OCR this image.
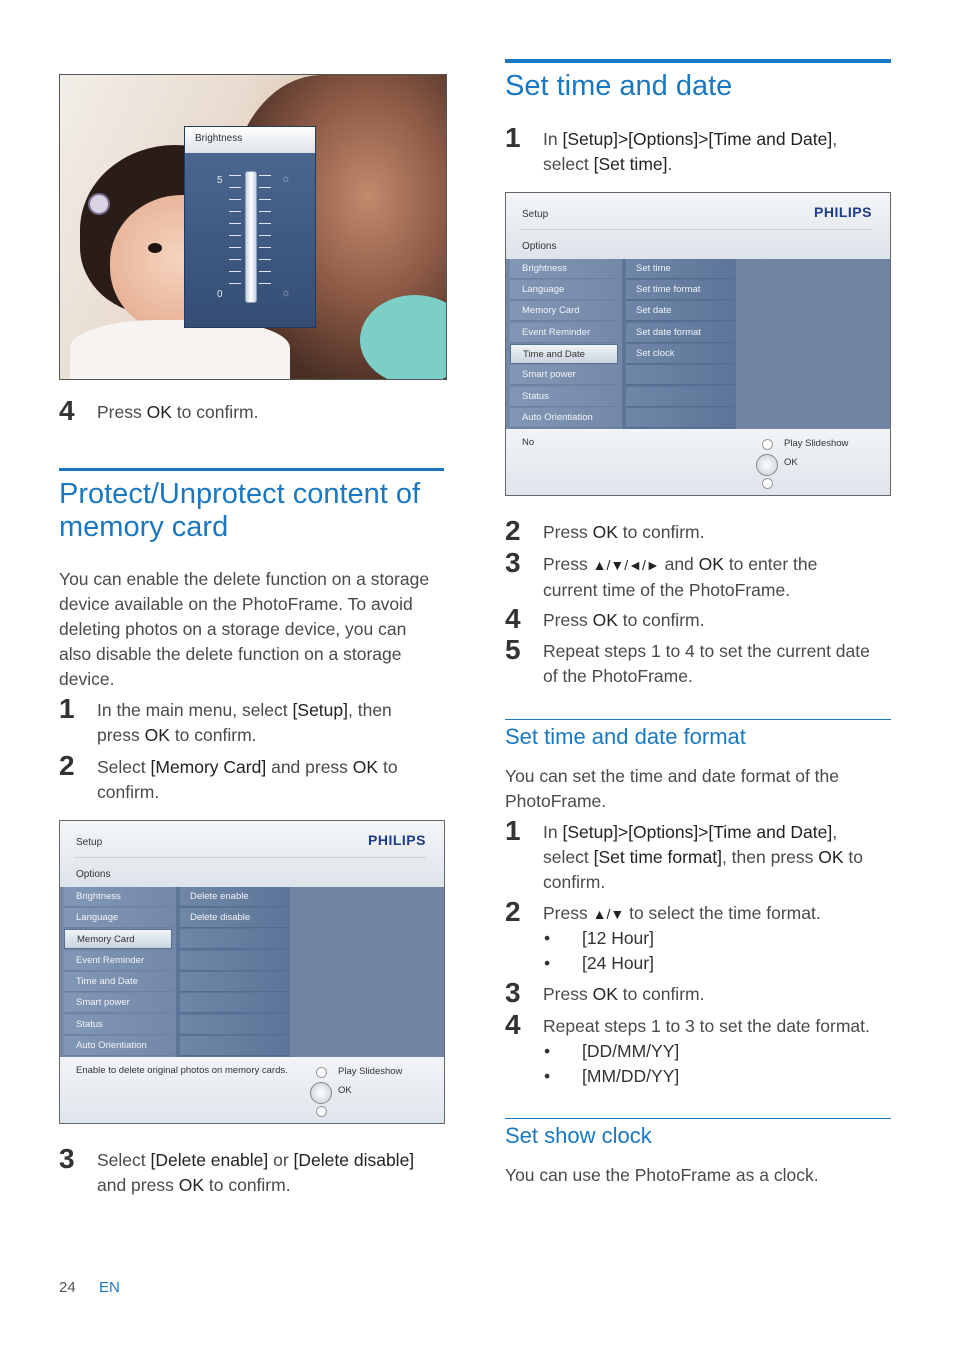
Brightness
5
0
☼
☼
4 Press OK to confirm.
Protect/Unprotect content of
memory card
You can enable the delete function on a storage
device available on the PhotoFrame. To avoid
deleting photos on a storage device, you can
also disable the delete function on a storage
device.
1 In the main menu, select [Setup], then
press OK to confirm.
2 Select [Memory Card] and press OK to
confirm.
Setup	PHILIPS
Options
Brightness
Language
Memory Card
Event Reminder
Time and Date
Smart power
Status
Auto Orientiation
Delete enable
Delete disable
Enable to delete original photos on memory cards.	Play Slideshow
OK
3 Select [Delete enable] or [Delete disable]
and press OK to confirm.
Set time and date
1 In [Setup]>[Options]>[Time and Date],
select [Set time].
Setup	PHILIPS
Options
Brightness
Language
Memory Card
Event Reminder
Time and Date
Smart power
Status
Auto Orientiation
Set time
Set time format
Set date
Set date format
Set clock
No	Play Slideshow
OK
2 Press OK to confirm.
3 Press ▲/▼/◄/► and OK to enter the
current time of the PhotoFrame.
4 Press OK to confirm.
5 Repeat steps 1 to 4 to set the current date
of the PhotoFrame.
Set time and date format
You can set the time and date format of the
PhotoFrame.
1 In [Setup]>[Options]>[Time and Date],
select [Set time format], then press OK to
confirm.
2 Press ▲/▼ to select the time format.
• [12 Hour]
• [24 Hour]
3 Press OK to confirm.
4 Repeat steps 1 to 3 to set the date format.
• [DD/MM/YY]
• [MM/DD/YY]
Set show clock
You can use the PhotoFrame as a clock.
24 EN
